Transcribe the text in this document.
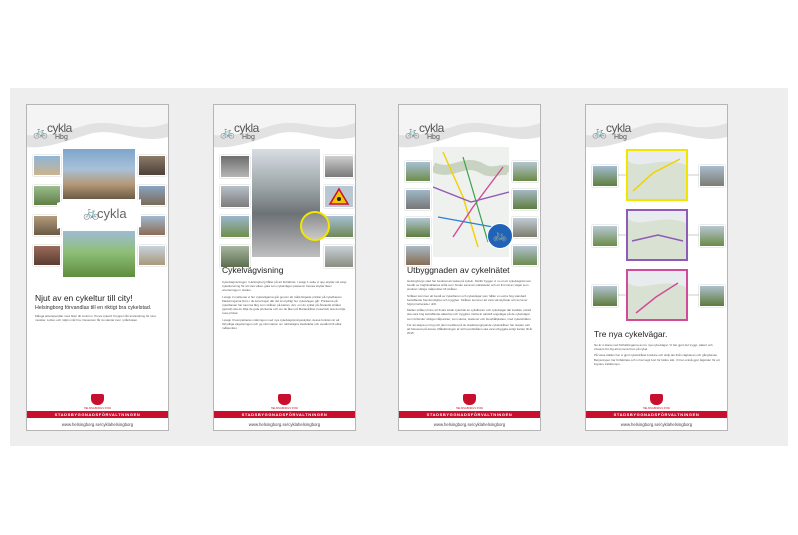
🚲 cykla
Hbg
🚲
cykla
Njut av en cykeltur till city!
Helsingborg förvandlas till en riktigt bra cykelstad.
Många arbetspendlar med bilen till centrum. Prova cykeln! Kroppen får användning för sina muskler. Luften och miljön mår bra. Dessutom får du slantar över i plånboken.
HELSINGBORGS STAD
STADSBYGGNADSFÖRVALTNINGEN
www.helsingborg.se/cyklahelsingborg
🚲 cykla
Hbg
Cykelvägvisning

Cykelvägvisningen i Helsingborg håller på att förbättras. I etapp 1 satte vi upp skyltar vid varje cykelkorsning för att visa vilken gata som cykelvägen passerar. Dessa skyltar läser orienteringen i staden.

I etapp 2 markeras vi hur cykelvägarna går genom att måla färgade prickar på cykelbanan. Markeringarna finns i de korsningar där det är otydligt hur cykelvägen går. Prickarna på cykelbanan har samma färg som stråken på kartan, dvs. om du cyklar på Ättekulla stråket (gulröd) ska du följa de gula prickarna och om du åker på Mariastråket (rosa/röd) ska du följa rosa prickar.

I etapp 3 kompletteras mätningen med nya cykelvägvisningsskyltar, dessa funktion är att förtydliga vägvisningen och ge information om närbelägna stadsdelar och avstånd till olika målpunkter.

HELSINGBORGS STAD
STADSBYGGNADSFÖRVALTNINGEN
www.helsingborg.se/cyklahelsingborg
🚲 cykla
Hbg
🚲
Utbyggnaden av cykelnätet

Helsingborgs stad har beslutat att satsa på cykeln. Därför bygger vi nu ut ett cykelvägnät som består av höghkvalitativa stråk som binder samman stadsdelar och ett fint nät av vägar som ansluter viktiga målpunkter till stråken.

Stråken kommer att bestå av cykelbanor och cykelvägar som håller en extra hög standard beträffande framkomlighet och trygghet. Stråken kommer att vara väl skyltade och kommer höjd prioriterade i drift.

Mellan stråken finns ett finare lokalt cykelnät av cykelbanor och cykelvägar där kvalitén också ska vara hög beträffande säkerhet och trygghet. Detta är särskilt angeläget på de cykelvägar som förbinder viktiga målpunkter, som skolor, stationer och busshållplatser, med cykelstråken.

För att skapa en hög och jämn kvalitet på de stadsövergripande cykelstråken har staden valt att fokusera på dessa. Målsättningen är att huvudstråken ska vara utbyggda enligt kartan till år 2015.

HELSINGBORGS STAD
STADSBYGGNADSFÖRVALTNINGEN
www.helsingborg.se/cyklahelsingborg
🚲 cykla
Hbg
Tre nya cykelvägar.

Nu är vi klara med förbättringarna av tre nya cykelvägar. Vi har gjort det tryggt, säkert och trivsamt för dig att komma fram på cykel.

På vissa ställen har vi gjort cykelstråket bredare och skiljt det ifrån vägbanan och gångbanan. Belysningen har förbättrats och vi har tagit bort för bättre sikt. Vi har också gjort åtgärder för ett lugnare trafiktempo.

HELSINGBORGS STAD
STADSBYGGNADSFÖRVALTNINGEN
www.helsingborg.se/cyklahelsingborg
